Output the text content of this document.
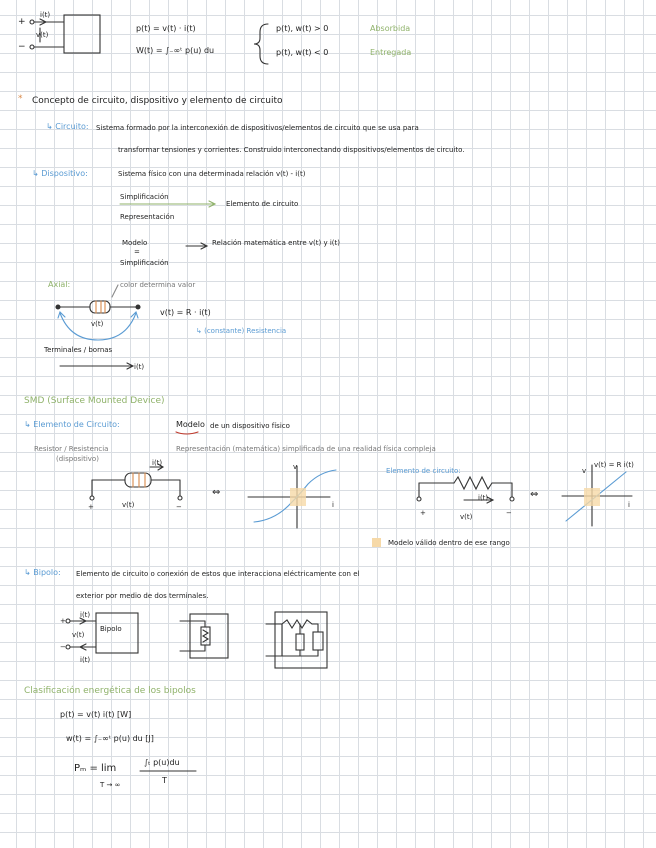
i(t)
v(t)
+
−
p(t) = v(t) · i(t)
W(t) = ∫₋∞ᵗ p(u) du
p(t), w(t) > 0
p(t), w(t) < 0
Absorbida
Entregada
* Concepto de circuito, dispositivo y elemento de circuito
↳ Circuito: Sistema formado por la interconexión de dispositivos/elementos de circuito que se usa para
transformar tensiones y corrientes. Construido interconectando dispositivos/elementos de circuito.
↳ Dispositivo:	Sistema físico con una determinada relación v(t) - i(t)
Simplificación
Representación
Elemento de circuito
Modelo
=
Simplificación
Relación matemática entre v(t) y i(t)
Axial:	color determina valor
v(t)
v(t) = R · i(t)
↳ (constante) Resistencia
Terminales / bornas
i(t)
SMD (Surface Mounted Device)
↳ Elemento de Circuito:	Modelo de un dispositivo físico
Resistor / Resistencia
(dispositivo)
Representación (matemática) simplificada de una realidad física compleja
i(t)
v(t)
+	−
⇔
v
i
Elemento de circuito:
i(t)
v(t)
+	−
⇔
v
v(t) = R i(t)
i
Modelo válido dentro de ese rango
↳ Bipolo: Elemento de circuito o conexión de estos que interacciona eléctricamente con el
exterior por medio de dos terminales.
Bipolo
i(t)
v(t)
i(t)
+
−
Clasificación energética de los bipolos
p(t) = v(t) i(t) [W]
w(t) = ∫₋∞ᵗ p(u) du [J]
Pₘ = lim
T → ∞
∫ₜ p(u)du
T
